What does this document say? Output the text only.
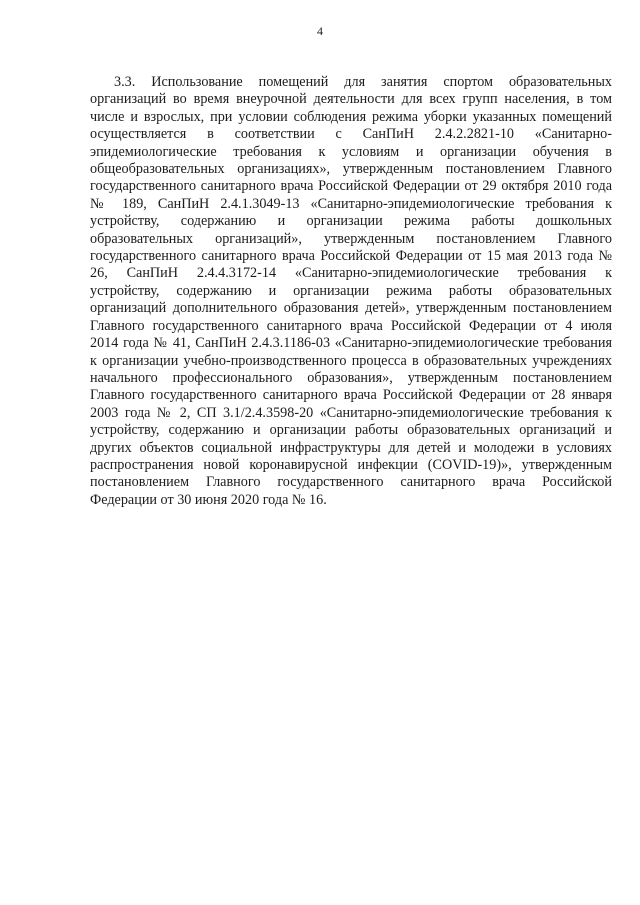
4
3.3. Использование помещений для занятия спортом образовательных
организаций во время внеурочной деятельности для всех групп населения, в том
числе и взрослых, при условии соблюдения режима уборки указанных помещений
осуществляется в соответствии с СанПиН 2.4.2.2821-10 «Санитарно-
эпидемиологические требования к условиям и организации обучения в
общеобразовательных организациях», утвержденным постановлением Главного
государственного санитарного врача Российской Федерации от 29 октября 2010 года
№ 189, СанПиН 2.4.1.3049-13 «Санитарно-эпидемиологические требования к
устройству, содержанию и организации режима работы дошкольных
образовательных организаций», утвержденным постановлением Главного
государственного санитарного врача Российской Федерации от 15 мая 2013 года №
26, СанПиН 2.4.4.3172-14 «Санитарно-эпидемиологические требования к
устройству, содержанию и организации режима работы образовательных
организаций дополнительного образования детей», утвержденным постановлением
Главного государственного санитарного врача Российской Федерации от 4 июля
2014 года № 41, СанПиН 2.4.3.1186-03 «Санитарно-эпидемиологические требования
к организации учебно-производственного процесса в образовательных учреждениях
начального профессионального образования», утвержденным постановлением
Главного государственного санитарного врача Российской Федерации от 28 января
2003 года № 2, СП 3.1/2.4.3598-20 «Санитарно-эпидемиологические требования к
устройству, содержанию и организации работы образовательных организаций и
других объектов социальной инфраструктуры для детей и молодежи в условиях
распространения новой коронавирусной инфекции (COVID-19)», утвержденным
постановлением Главного государственного санитарного врача Российской
Федерации от 30 июня 2020 года № 16.
